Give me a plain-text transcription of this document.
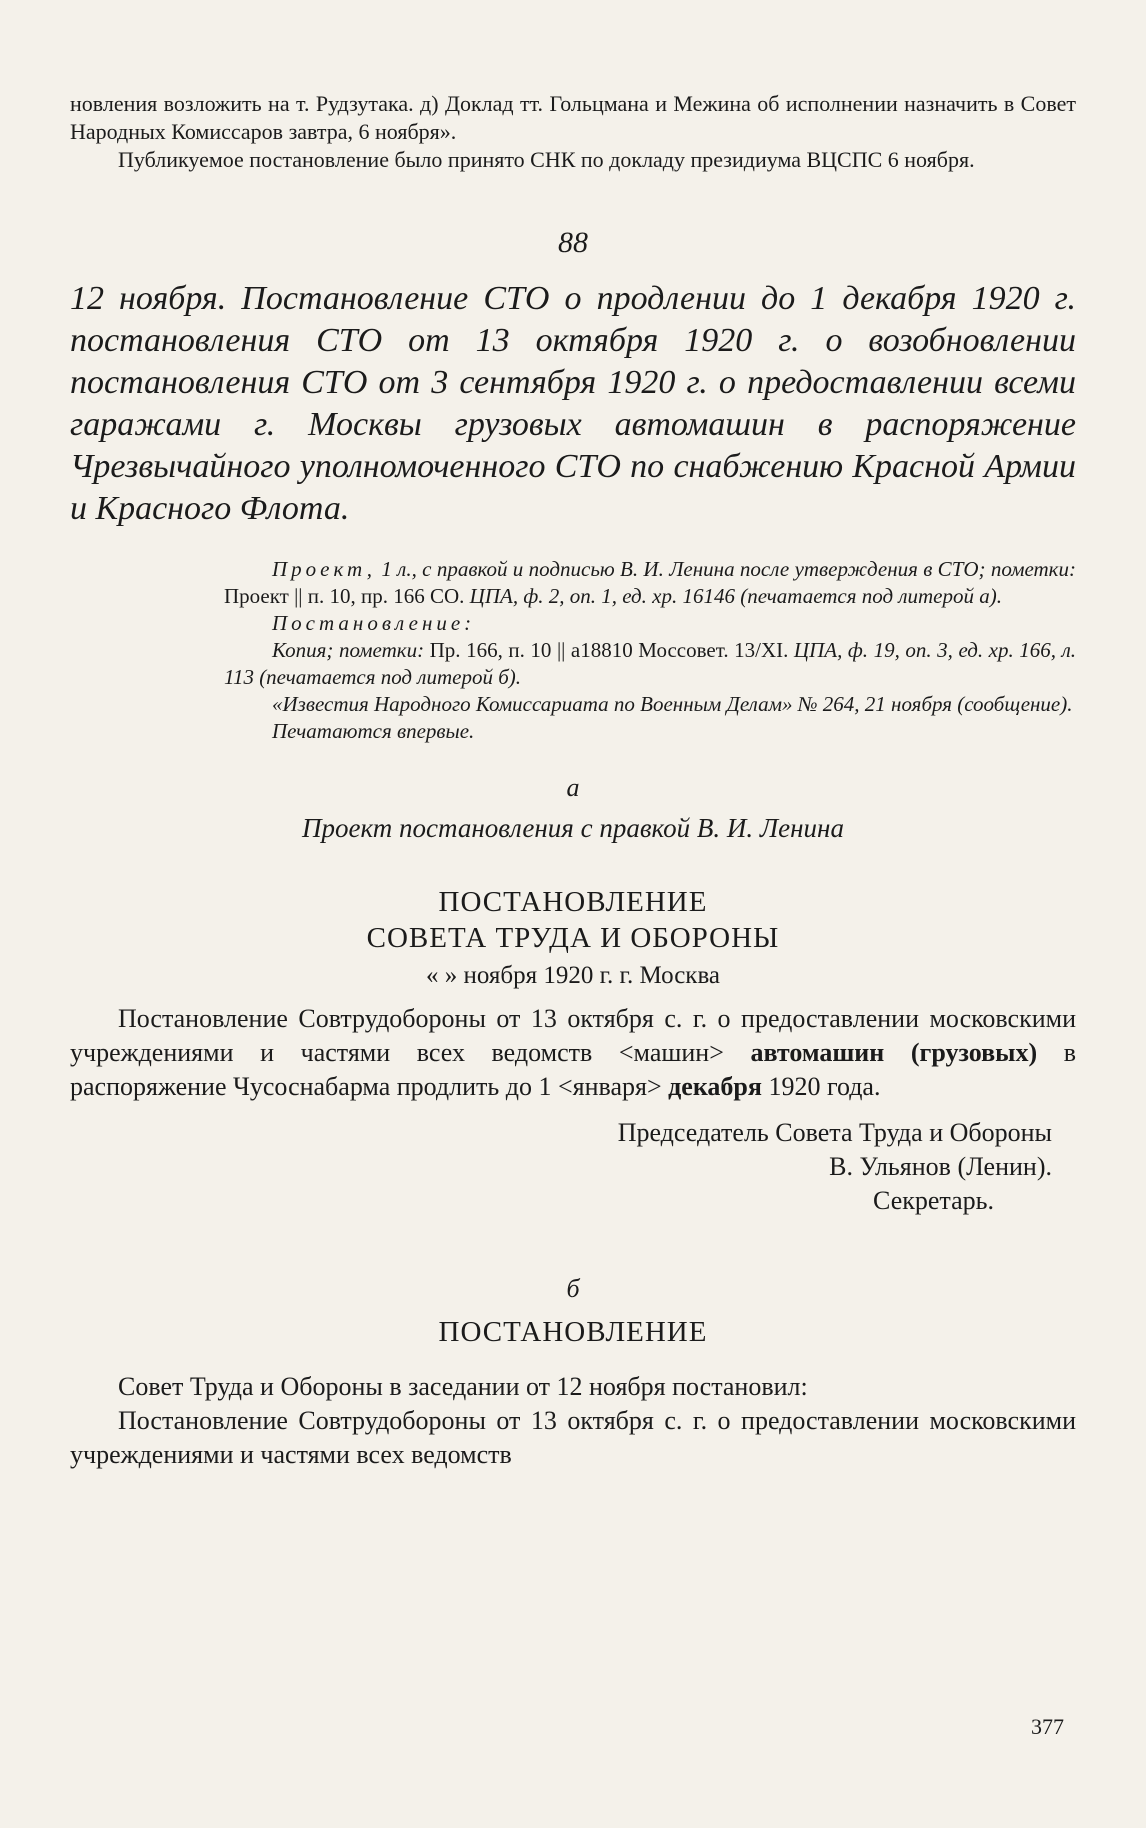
новления возложить на т. Рудзутака. д) Доклад тт. Гольцмана и Межина об исполнении назначить в Совет Народных Комиссаров завтра, 6 ноября».

Публикуемое постановление было принято СНК по докладу президиума ВЦСПС 6 ноября.

88

12 ноября. Постановление СТО о продлении до 1 декабря 1920 г. постановления СТО от 13 октября 1920 г. о возобновлении постановления СТО от 3 сентября 1920 г. о предоставлении всеми гаражами г. Москвы грузовых автомашин в распоряжение Чрезвычайного уполномоченного СТО по снабжению Красной Армии и Красного Флота.

Проект, 1 л., с правкой и подписью В. И. Ленина после утверждения в СТО; пометки: Проект || п. 10, пр. 166 СО. ЦПА, ф. 2, оп. 1, ед. хр. 16146 (печатается под литерой а).

Постановление:

Копия; пометки: Пр. 166, п. 10 || а18810 Моссовет. 13/XI. ЦПА, ф. 19, оп. 3, ед. хр. 166, л. 113 (печатается под литерой б).

«Известия Народного Комиссариата по Военным Делам» № 264, 21 ноября (сообщение).

Печатаются впервые.

а
Проект постановления с правкой В. И. Ленина

ПОСТАНОВЛЕНИЕ

СОВЕТА ТРУДА И ОБОРОНЫ

« » ноября 1920 г. г. Москва

Постановление Совтрудобороны от 13 октября с. г. о предоставлении московскими учреждениями и частями всех ведомств <машин> автомашин (грузовых) в распоряжение Чусоснабарма продлить до 1 <января> декабря 1920 года.

Председатель Совета Труда и Обороны
В. Ульянов (Ленин).
Секретарь.
б

ПОСТАНОВЛЕНИЕ

Совет Труда и Обороны в заседании от 12 ноября постановил:

Постановление Совтрудобороны от 13 октября с. г. о предоставлении московскими учреждениями и частями всех ведомств

377
